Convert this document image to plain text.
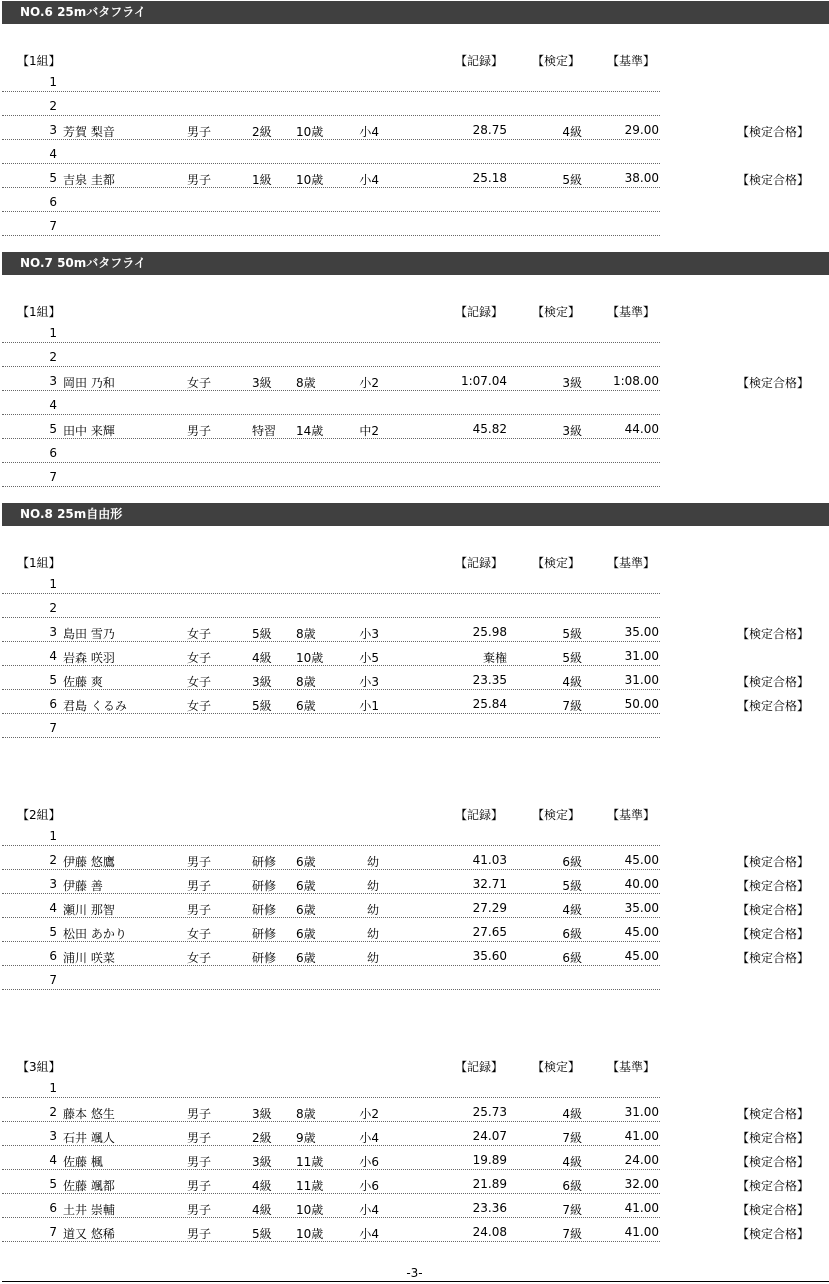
NO.6 25mバタフライ
【1組】	【記録】 【検定】 【基準】
1
2
3 芳賀 梨音	男子	2級 10歳	小4	28.75	4級	29.00	【検定合格】
4
5 吉泉 圭都	男子	1級 10歳	小4	25.18	5級	38.00	【検定合格】
6
7
NO.7 50mバタフライ
【1組】	【記録】 【検定】 【基準】
1
2
3 岡田 乃和	女子	3級 8歳	小2	1:07.04	3級	1:08.00	【検定合格】
4
5 田中 来輝	男子	特習 14歳	中2	45.82	3級	44.00
6
7
NO.8 25m自由形
【1組】	【記録】 【検定】 【基準】
1
2
3 島田 雪乃	女子	5級 8歳	小3	25.98	5級	35.00	【検定合格】
4 岩森 咲羽	女子	4級 10歳	小5	棄権	5級	31.00
5 佐藤 爽	女子	3級 8歳	小3	23.35	4級	31.00	【検定合格】
6 君島 くるみ	女子	5級 6歳	小1	25.84	7級	50.00	【検定合格】
7
【2組】	【記録】 【検定】 【基準】
1
2 伊藤 悠鷹	男子	研修 6歳	幼	41.03	6級	45.00	【検定合格】
3 伊藤 善	男子	研修 6歳	幼	32.71	5級	40.00	【検定合格】
4 瀬川 那智	男子	研修 6歳	幼	27.29	4級	35.00	【検定合格】
5 松田 あかり	女子	研修 6歳	幼	27.65	6級	45.00	【検定合格】
6 浦川 咲菜	女子	研修 6歳	幼	35.60	6級	45.00	【検定合格】
7
【3組】	【記録】 【検定】 【基準】
1
2 藤本 悠生	男子	3級 8歳	小2	25.73	4級	31.00	【検定合格】
3 石井 颯人	男子	2級 9歳	小4	24.07	7級	41.00	【検定合格】
4 佐藤 楓	男子	3級 11歳	小6	19.89	4級	24.00	【検定合格】
5 佐藤 颯都	男子	4級 11歳	小6	21.89	6級	32.00	【検定合格】
6 土井 崇輔	男子	4級 10歳	小4	23.36	7級	41.00	【検定合格】
7 道又 悠稀	男子	5級 10歳	小4	24.08	7級	41.00	【検定合格】
-3-
